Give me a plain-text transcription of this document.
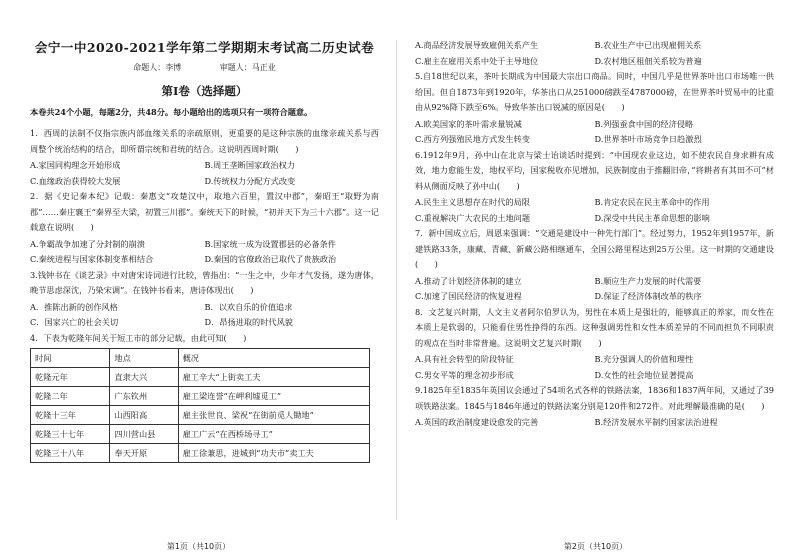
会宁一中2020-2021学年第二学期期末考试高二历史试卷
命题人：李博	审题人：马正业
第Ⅰ卷（选择题）
本卷共24个小题，每题2分，共48分。每小题给出的选项只有一项符合题意。
1．西周的法制不仅指宗族内部血缘关系的亲疏原则，更重要的是这种宗族的血缘亲疏关系与西周整个统治结构的结合，即所谓宗统和君统的结合。这说明西周时期(　　)
A.家国同构理念开始形成	B.周王垄断国家政治权力
C.血缘政治获得较大发展	D.传统权力分配方式改变
2．据《史记秦本纪》记载：秦惠文“攻楚汉中，取地六百里，置汉中郡”，秦昭王“取野为南郡”……秦庄襄王“秦界至大梁，初置三川郡”。秦统天下的时候，“初并天下为三十六郡”。这一记载意在说明(　　)
A.争霸战争加速了分封制的崩溃	B.国家统一成为设置郡县的必备条件
C.秦统进程与国家体制变革相结合	D.秦国的官僚政治已取代了贵族政治
3.钱钟书在《谈艺录》中对唐宋诗词进行比较，曾指出：“一生之中，少年才气发扬，遂为唐体，晚节思虑深沈，乃染宋调”。在钱钟书看来，唐诗体现出(　　)
A．推陈出新的创作风格	B．以欢自乐的价值追求
C．国家兴亡的社会关切	D．昂扬进取的时代风貌
4．下表为乾隆年间关于短工市的部分记载，由此可知(　　)
时间	地点	概况
乾隆元年	直隶大兴	雇工辛大“上街卖工夫
乾隆二年	广东钦州	雇工梁连誉“在岬利墟觅工”
乾隆十三年	山西阳高	雇主张世良、梁祝“在街前觅人锄地”
乾隆三十七年	四川营山县	雇工广云“在西桥场寻工”
乾隆三十八年	奉天开原	雇工徐兼思，进城到“功夫市”卖工夫
第1页（共10页）
A.商品经济发展导致雇佣关系产生	B.农业生产中已出现雇佣关系
C.雇主在雇用关系中处于主导地位	D.农村地区租佃关系较为普遍
5.自18世纪以来，茶叶长期成为中国最大宗出口商品。同时，中国几乎是世界茶叶出口市场唯一供给国。但自1873年到1920年，华茶出口从251000磅跌至4787000磅，在世界茶叶贸易中的比重由从92%降下跌至6%。导致华茶出口锐减的原因是(　　)
A.欧美国家的茶叶需求量锐减	B.列强蚕食中国的经济侵略
C.西方列强殖民地方式发生转变	D.世界茶叶市场竞争日趋激烈
6.1912年9月，孙中山在北京与梁士诒谈话时提到：“中国现农业这边，如不使农民自身求耕有成效，地力愈能生发，地权平均，国家税收亦见增加，民族制度由于推翻旧帝，”将耕者有其田不可”材料从侧面反映了孙中山(　　)
A.民生主义思想存在时代的局限	B.肯定农民在民主革命中的作用
C.重视解决广大农民的土地问题	D.深受中共民主革命思想的影响
7．新中国成立后，周恩来强调：“交通是建设中一种先行部门”。经过努力，1952年到1957年，新建铁路33条，康藏、青藏、新藏公路相继通车，全国公路里程达到25万公里。这一时期的交通建设(　　)
A.推动了计划经济体制的建立	B.顺应生产力发展的时代需要
C.加速了国民经济的恢复进程	D.保证了经济体制改革的秩序
8．文艺复兴时期，人文主义者阿尔伯罗认为，男性在本质上是强壮的，能够真正的养家，而女性在本质上是软弱的，只能看住男性挣得的东西。这种强调男性和女性本质差异的不同而担负不同职责的观点在当时非常普遍。这说明文艺复兴时期(　　)
A.具有社会转型的阶段特征	B.充分强调人的价值和理性
C.男女平等的理念初步形成	D.女性的社会地位显著提高
9.1825年至1835年英国议会通过了54项名式各样的铁路法案，1836和1837两年间，又通过了39项铁路法案。1845与1846年通过的铁路法案分别是120件和272件。对此理解最准确的是(　　)
A.英国的政治制度建设愈发的完善	B.经济发展水平制约国家法治进程
第2页（共10页）
